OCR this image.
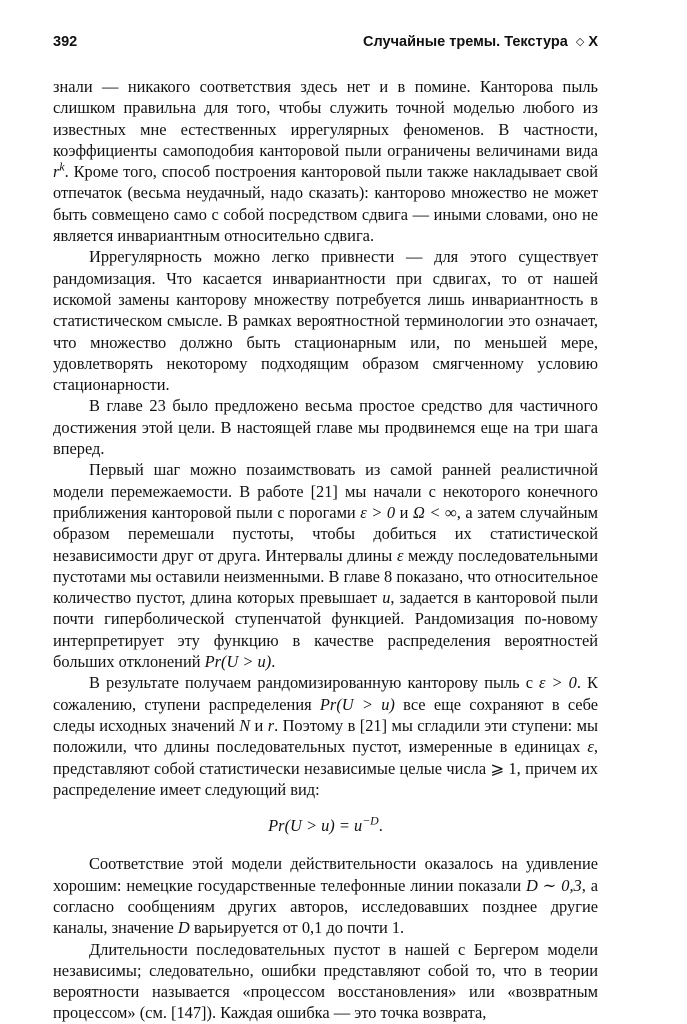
392	Случайные тремы. Текстура ◇ X

знали — никакого соответствия здесь нет и в помине. Канторова пыль слишком правильна для того, чтобы служить точной моделью любого из известных мне естественных иррегулярных феноменов. В частности, коэффициенты самоподобия канторовой пыли ограничены величинами вида $r^k$. Кроме того, способ построения канторовой пыли также накладывает свой отпечаток (весьма неудачный, надо сказать): канторово множество не может быть совмещено само с собой посредством сдвига — иными словами, оно не является инвариантным относительно сдвига.

Иррегулярность можно легко привнести — для этого существует рандомизация. Что касается инвариантности при сдвигах, то от нашей искомой замены канторову множеству потребуется лишь инвариантность в статистическом смысле. В рамках вероятностной терминологии это означает, что множество должно быть стационарным или, по меньшей мере, удовлетворять некоторому подходящим образом смягченному условию стационарности.

В главе 23 было предложено весьма простое средство для частичного достижения этой цели. В настоящей главе мы продвинемся еще на три шага вперед.

Первый шаг можно позаимствовать из самой ранней реалистичной модели перемежаемости. В работе [21] мы начали с некоторого конечного приближения канторовой пыли с порогами ε > 0 и Ω < ∞, а затем случайным образом перемешали пустоты, чтобы добиться их статистической независимости друг от друга. Интервалы длины ε между последовательными пустотами мы оставили неизменными. В главе 8 показано, что относительное количество пустот, длина которых превышает u, задается в канторовой пыли почти гиперболической ступенчатой функцией. Рандомизация по-новому интерпретирует эту функцию в качестве распределения вероятностей больших отклонений Pr(U > u).

В результате получаем рандомизированную канторову пыль с ε > 0. К сожалению, ступени распределения Pr(U > u) все еще сохраняют в себе следы исходных значений N и r. Поэтому в [21] мы сгладили эти ступени: мы положили, что длины последовательных пустот, измеренные в единицах ε, представляют собой статистически независимые целые числа ⩾ 1, причем их распределение имеет следующий вид:

$Pr(U > u) = u^{-D}$.

Соответствие этой модели действительности оказалось на удивление хорошим: немецкие государственные телефонные линии показали D ∼ 0,3, а согласно сообщениям других авторов, исследовавших позднее другие каналы, значение D варьируется от 0,1 до почти 1.

Длительности последовательных пустот в нашей с Бергером модели независимы; следовательно, ошибки представляют собой то, что в теории вероятности называется «процессом восстановления» или «возвратным процессом» (см. [147]). Каждая ошибка — это точка возврата,
